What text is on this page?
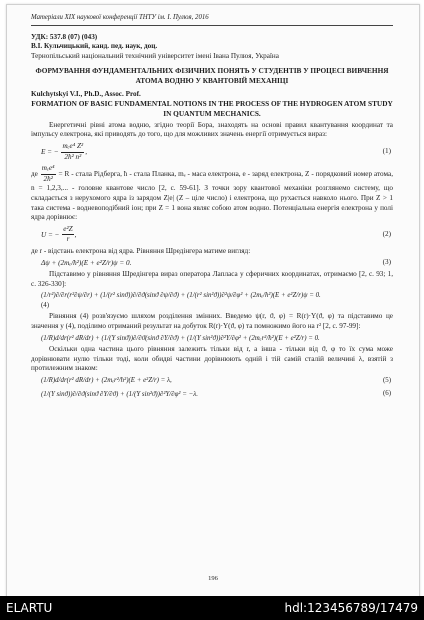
Матеріали XIX наукової конференції ТНТУ ім. І. Пулюя, 2016
УДК: 537.8 (07) (043)
В.І. Кульчицький, канд. пед. наук, доц.
Тернопільський національний технічний університет імені Івана Пулюя, Україна
ФОРМУВАННЯ ФУНДАМЕНТАЛЬНИХ ФІЗИЧНИХ ПОНЯТЬ У СТУДЕНТІВ У ПРОЦЕСІ ВИВЧЕННЯ АТОМА ВОДНЮ У КВАНТОВІЙ МЕХАНІЦІ
Kulchytskyi V.I., Ph.D., Assoc. Prof.
FORMATION OF BASIC FUNDAMENTAL NOTIONS IN THE PROCESS OF THE HYDROGEN ATOM STUDY IN QUANTUM MECHANICS.
Енергетичні рівні атома водню, згідно теорії Бора, знаходять на основі правил квантування координат та імпульсу електрона, які приводять до того, що для можливих значень енергії отримується вираз:
E = − $\frac{\text{mₑe⁴ Z²}}{\text{2ħ² n²}}$ ,	(1)
де $\frac{\text{mₑe⁴}}{\text{2ħ²}} = R$ - стала Рідберга, ħ - стала Планка, mₑ - маса електрона, e - заряд електрона, Z - порядковий номер атома, n = 1,2,3,... - головне квантове число [2, с. 59-61]. З точки зору квантової механіки розглянемо систему, що складається з нерухомого ядра із зарядом Z|e| (Z – ціле число) і електрона, що рухається навколо нього. При Z > 1 така система - водневоподібний іон; при Z = 1 вона являє собою атом водню. Потенціальна енергія електрона у полі ядра дорівнює:
U = − $\frac{\text{e²Z}}{r}$ ,	(2)
де r - відстань електрона від ядра. Рівняння Шредінгера матиме вигляд:
Δψ + (2mₑ/ħ²)(E + e²Z/r)ψ = 0.	(3)
Підставимо у рівняння Шредінгера вираз оператора Лапласа у сферичних координатах, отримаємо [2, с. 93; 1, с. 326-330]:
(1/r²)∂/∂r(r²∂ψ/∂r) + (1/(r² sinϑ))∂/∂ϑ(sinϑ ∂ψ/∂ϑ) + (1/(r² sin²ϑ))∂²ψ/∂φ² + (2mₑ/ħ²)(E + e²Z/r)ψ = 0.
(4)
Рівняння (4) розв'язуємо шляхом розділення змінних. Введемо ψ(r, ϑ, φ) = R(r)·Y(ϑ, φ) та підставимо це значення у (4), поділимо отриманий результат на добуток R(r)·Y(ϑ, φ) та помножимо його на r² [2, с. 97-99]:
(1/R)d/dr(r² dR/dr) + (1/(Y sinϑ))∂/∂ϑ(sinϑ ∂Y/∂ϑ) + (1/(Y sin²ϑ))∂²Y/∂φ² + (2mₑr²/ħ²)(E + e²Z/r) = 0.
Оскільки одна частина цього рівняння залежить тільки від r, а інша - тільки від ϑ, φ то їх сума може дорівнювати нулю тільки тоді, коли обидві частини дорівнюють одній і тій самій сталій величині λ, взятій з протилежним знаком:
(1/R)d/dr(r² dR/dr) + (2mₑr²/ħ²)(E + e²Z/r) = λ,	(5)
(1/(Y sinϑ))∂/∂ϑ(sinϑ ∂Y/∂ϑ) + (1/(Y sin²ϑ))∂²Y/∂φ² = −λ.	(6)
196
ELARTU	hdl:123456789/17479
